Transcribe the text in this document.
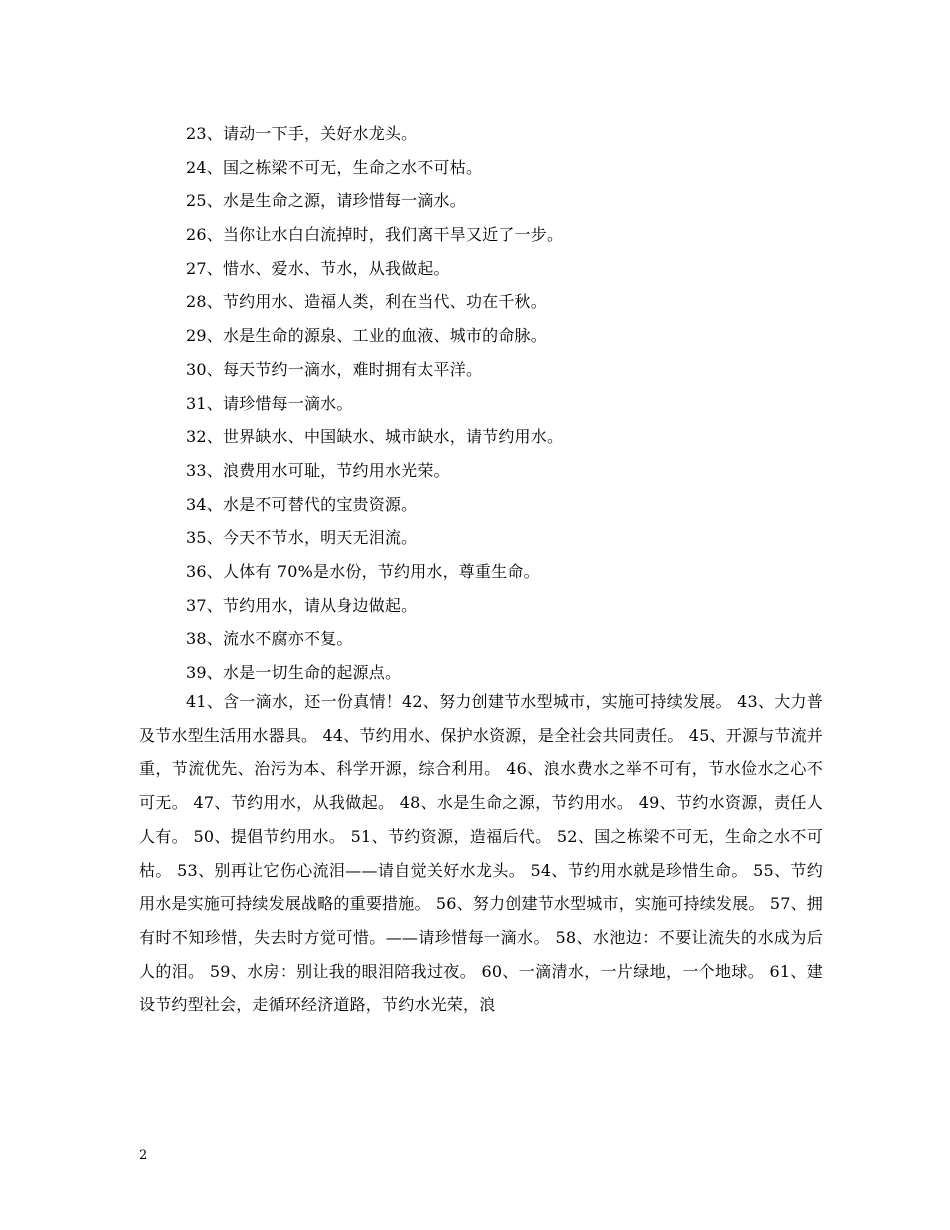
23、请动一下手，关好水龙头。
24、国之栋梁不可无，生命之水不可枯。
25、水是生命之源，请珍惜每一滴水。
26、当你让水白白流掉时，我们离干旱又近了一步。
27、惜水、爱水、节水，从我做起。
28、节约用水、造福人类，利在当代、功在千秋。
29、水是生命的源泉、工业的血液、城市的命脉。
30、每天节约一滴水，难时拥有太平洋。
31、请珍惜每一滴水。
32、世界缺水、中国缺水、城市缺水，请节约用水。
33、浪费用水可耻，节约用水光荣。
34、水是不可替代的宝贵资源。
35、今天不节水，明天无泪流。
36、人体有 70%是水份，节约用水，尊重生命。
37、节约用水，请从身边做起。
38、流水不腐亦不复。
39、水是一切生命的起源点。

41、含一滴水，还一份真情！42、努力创建节水型城市，实施可持续发展。 43、大力普及节水型生活用水器具。 44、节约用水、保护水资源，是全社会共同责任。 45、开源与节流并重，节流优先、治污为本、科学开源，综合利用。 46、浪水费水之举不可有，节水俭水之心不可无。 47、节约用水，从我做起。 48、水是生命之源，节约用水。 49、节约水资源，责任人人有。 50、提倡节约用水。 51、节约资源，造福后代。 52、国之栋梁不可无，生命之水不可枯。 53、别再让它伤心流泪——请自觉关好水龙头。 54、节约用水就是珍惜生命。 55、节约用水是实施可持续发展战略的重要措施。 56、努力创建节水型城市，实施可持续发展。 57、拥有时不知珍惜，失去时方觉可惜。——请珍惜每一滴水。 58、水池边：不要让流失的水成为后人的泪。 59、水房：别让我的眼泪陪我过夜。 60、一滴清水，一片绿地，一个地球。 61、建设节约型社会，走循环经济道路，节约水光荣，浪

2
